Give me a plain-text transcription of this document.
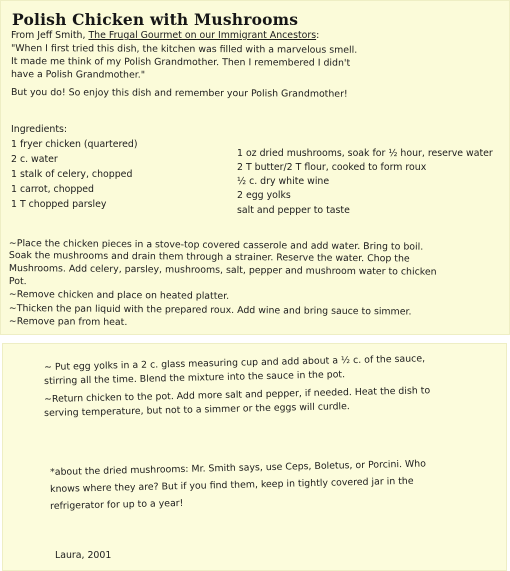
Polish Chicken with Mushrooms
From Jeff Smith, The Frugal Gourmet on our Immigrant Ancestors:
"When I first tried this dish, the kitchen was filled with a marvelous smell.
It made me think of my Polish Grandmother. Then I remembered I didn't
have a Polish Grandmother."
But you do! So enjoy this dish and remember your Polish Grandmother!
Ingredients:
1 fryer chicken (quartered)
2 c. water
1 stalk of celery, chopped
1 carrot, chopped
1 T chopped parsley
1 oz dried mushrooms, soak for ½ hour, reserve water
2 T butter/2 T flour, cooked to form roux
½ c. dry white wine
2 egg yolks
salt and pepper to taste
~Place the chicken pieces in a stove-top covered casserole and add water. Bring to boil.
Soak the mushrooms and drain them through a strainer. Reserve the water. Chop the
Mushrooms. Add celery, parsley, mushrooms, salt, pepper and mushroom water to chicken
Pot.
~Remove chicken and place on heated platter.
~Thicken the pan liquid with the prepared roux. Add wine and bring sauce to simmer.
~Remove pan from heat.
~ Put egg yolks in a 2 c. glass measuring cup and add about a ½ c. of the sauce,
stirring all the time. Blend the mixture into the sauce in the pot.
~Return chicken to the pot. Add more salt and pepper, if needed. Heat the dish to
serving temperature, but not to a simmer or the eggs will curdle.
*about the dried mushrooms: Mr. Smith says, use Ceps, Boletus, or Porcini. Who
knows where they are? But if you find them, keep in tightly covered jar in the
refrigerator for up to a year!
Laura, 2001
